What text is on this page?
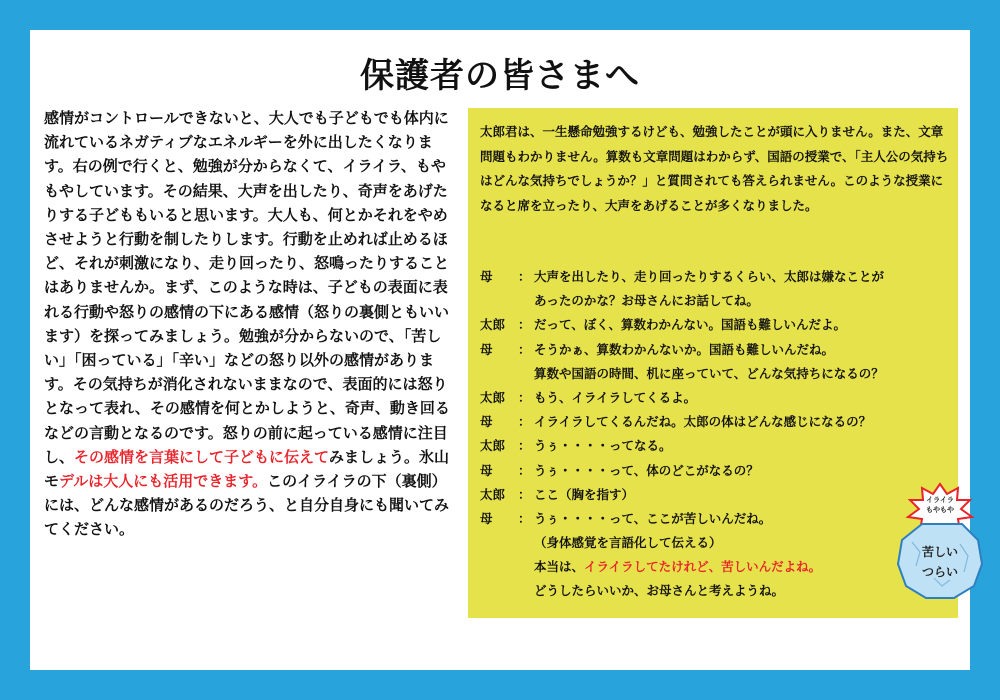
保護者の皆さまへ

感情がコントロールできないと、大人でも子どもでも体内に流れているネガティブなエネルギーを外に出したくなります。右の例で行くと、勉強が分からなくて、イライラ、もやもやしています。その結果、大声を出したり、奇声をあげたりする子どももいると思います。大人も、何とかそれをやめさせようと行動を制したりします。行動を止めれば止めるほど、それが刺激になり、走り回ったり、怒鳴ったりすることはありませんか。まず、このような時は、子どもの表面に表れる行動や怒りの感情の下にある感情（怒りの裏側ともいいます）を探ってみましょう。勉強が分からないので、「苦しい」「困っている」「辛い」などの怒り以外の感情があります。その気持ちが消化されないままなので、表面的には怒りとなって表れ、その感情を何とかしようと、奇声、動き回るなどの言動となるのです。怒りの前に起っている感情に注目し、その感情を言葉にして子どもに伝えてみましょう。氷山モデルは大人にも活用できます。このイライラの下（裏側）には、どんな感情があるのだろう、と自分自身にも聞いてみてください。

太郎君は、一生懸命勉強するけども、勉強したことが頭に入りません。また、文章問題もわかりません。算数も文章問題はわからず、国語の授業で、「主人公の気持ちはどんな気持ちでしょうか？」と質問されても答えられません。このような授業になると席を立ったり、大声をあげることが多くなりました。

母	： 大声を出したり、走り回ったりするくらい、太郎は嫌なことが
あったのかな？お母さんにお話してね。
太郎	： だって、ぼく、算数わかんない。国語も難しいんだよ。
母	： そうかぁ、算数わかんないか。国語も難しいんだね。
算数や国語の時間、机に座っていて、どんな気持ちになるの？
太郎	： もう、イライラしてくるよ。
母	： イライラしてくるんだね。太郎の体はどんな感じになるの？
太郎	： うぅ・・・・ってなる。
母	： うぅ・・・・って、体のどこがなるの？
太郎	： ここ（胸を指す）
母	： うぅ・・・・って、ここが苦しいんだね。
（身体感覚を言語化して伝える）
本当は、イライラしてたけれど、苦しいんだよね。
どうしたらいいか、お母さんと考えようね。
イライラ
もやもや
苦しい
つらい
